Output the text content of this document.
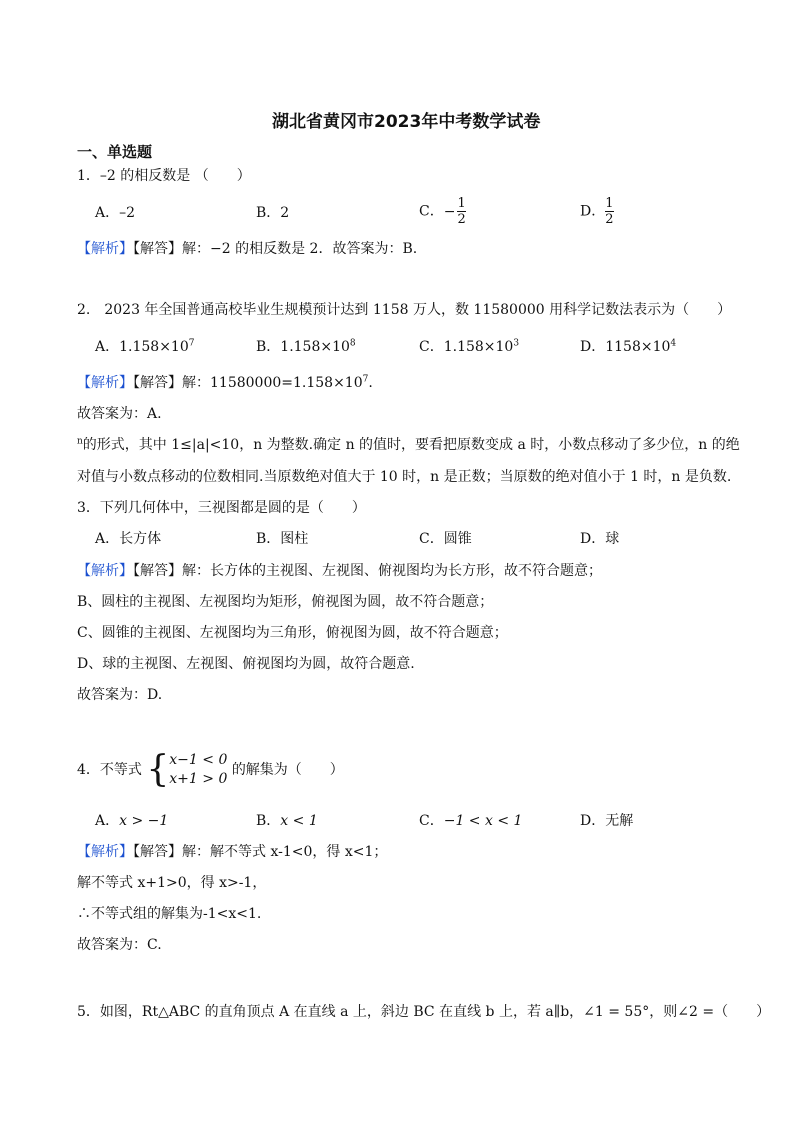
湖北省黄冈市2023年中考数学试卷
一、单选题
1．–2 的相反数是 （　　）
A．–2	B．2	C．− $\frac{1}{2}$	D． $\frac{1}{2}$
【解析】【解答】解：−2 的相反数是 2．故答案为：B.
2.　2023 年全国普通高校毕业生规模预计达到 1158 万人，数 11580000 用科学记数法表示为（　　）
A．$1.158\times 10^7$	B．$1.158\times 10^8$	C．$1.158\times 10^3$	D．$1158\times 10^4$
【解析】【解答】解：$11580000=1.158\times 10^7$.
故答案为：A.
$^n$的形式，其中 1≤|a|<10，n 为整数.确定 n 的值时，要看把原数变成 a 时，小数点移动了多少位，n 的绝
对值与小数点移动的位数相同.当原数绝对值大于 10 时，n 是正数；当原数的绝对值小于 1 时，n 是负数.
3．下列几何体中，三视图都是圆的是（　　）
A．长方体	B．图柱	C．圆锥	D．球
【解析】【解答】解：长方体的主视图、左视图、俯视图均为长方形，故不符合题意；
B、圆柱的主视图、左视图均为矩形，俯视图为圆，故不符合题意；
C、圆锥的主视图、左视图均为三角形，俯视图为圆，故不符合题意；
D、球的主视图、左视图、俯视图均为圆，故符合题意.
故答案为：D.
4．不等式 { x−1 < 0
x+1 > 0
的解集为（　　）
A．x > −1	B．x < 1	C．−1 < x < 1	D．无解
【解析】【解答】解：解不等式 x-1<0，得 x<1；
解不等式 x+1>0，得 x>-1，
∴不等式组的解集为-1<x<1.
故答案为：C.
5．如图，Rt△ABC 的直角顶点 A 在直线 a 上，斜边 BC 在直线 b 上，若 a∥b，∠1 = 55°，则∠2 =（　　）
